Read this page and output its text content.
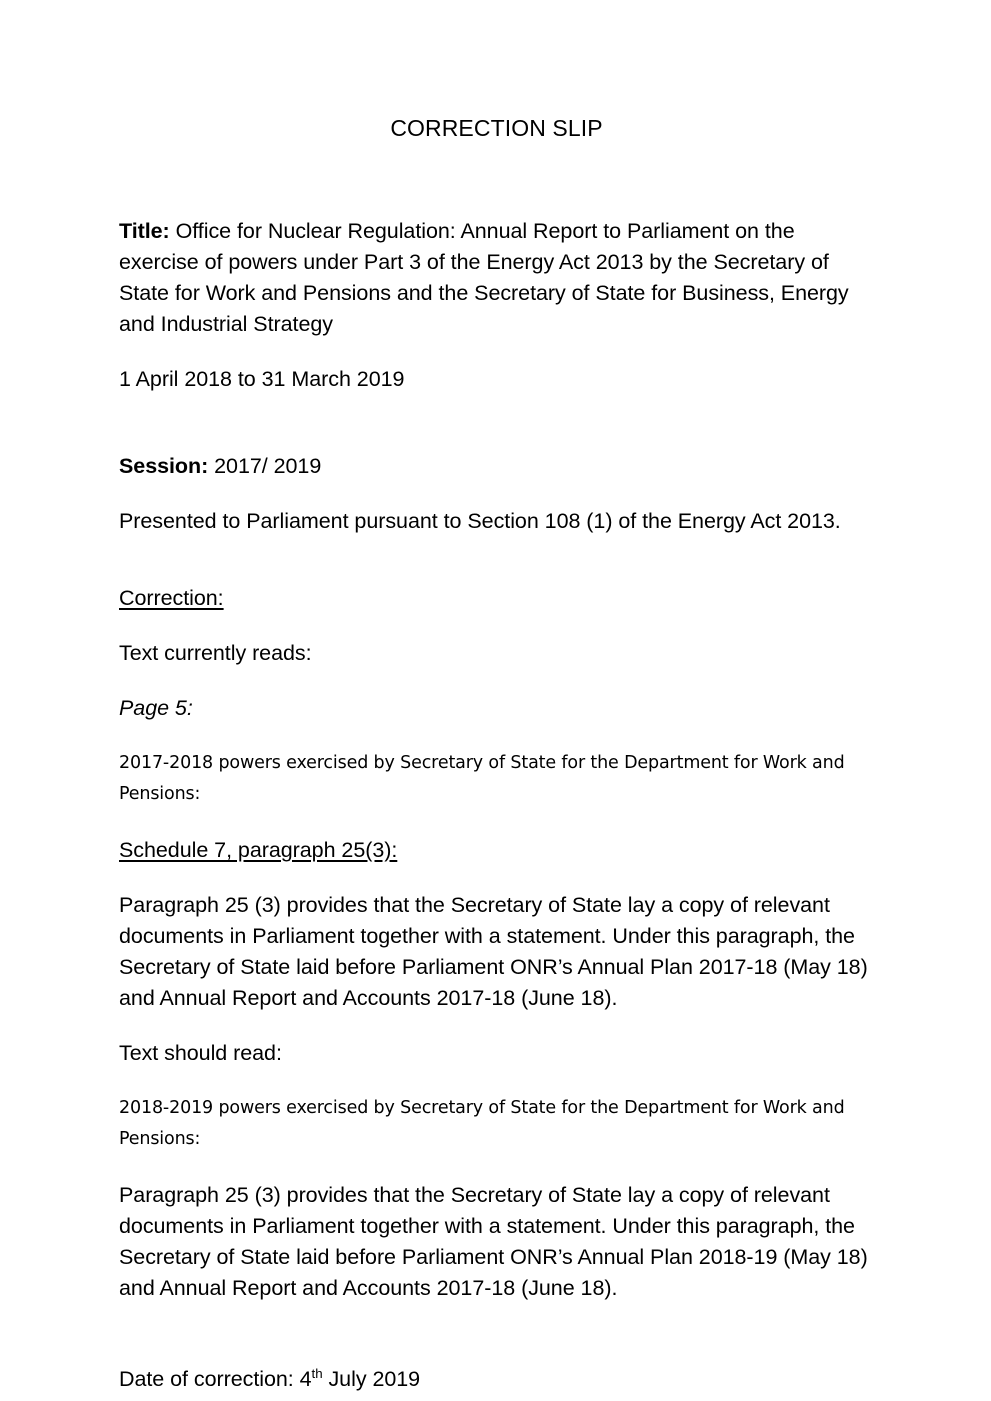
CORRECTION SLIP

Title: Office for Nuclear Regulation: Annual Report to Parliament on the exercise of powers under Part 3 of the Energy Act 2013 by the Secretary of State for Work and Pensions and the Secretary of State for Business, Energy and Industrial Strategy

1 April 2018 to 31 March 2019

Session: 2017/ 2019

Presented to Parliament pursuant to Section 108 (1) of the Energy Act 2013.

Correction:

Text currently reads:

Page 5:

2017-2018 powers exercised by Secretary of State for the Department for Work and Pensions:

Schedule 7, paragraph 25(3):

Paragraph 25 (3) provides that the Secretary of State lay a copy of relevant documents in Parliament together with a statement. Under this paragraph, the Secretary of State laid before Parliament ONR’s Annual Plan 2017-18 (May 18) and Annual Report and Accounts 2017-18 (June 18).

Text should read:

2018-2019 powers exercised by Secretary of State for the Department for Work and Pensions:

Paragraph 25 (3) provides that the Secretary of State lay a copy of relevant documents in Parliament together with a statement. Under this paragraph, the Secretary of State laid before Parliament ONR’s Annual Plan 2018-19 (May 18) and Annual Report and Accounts 2017-18 (June 18).

Date of correction: 4th July 2019
